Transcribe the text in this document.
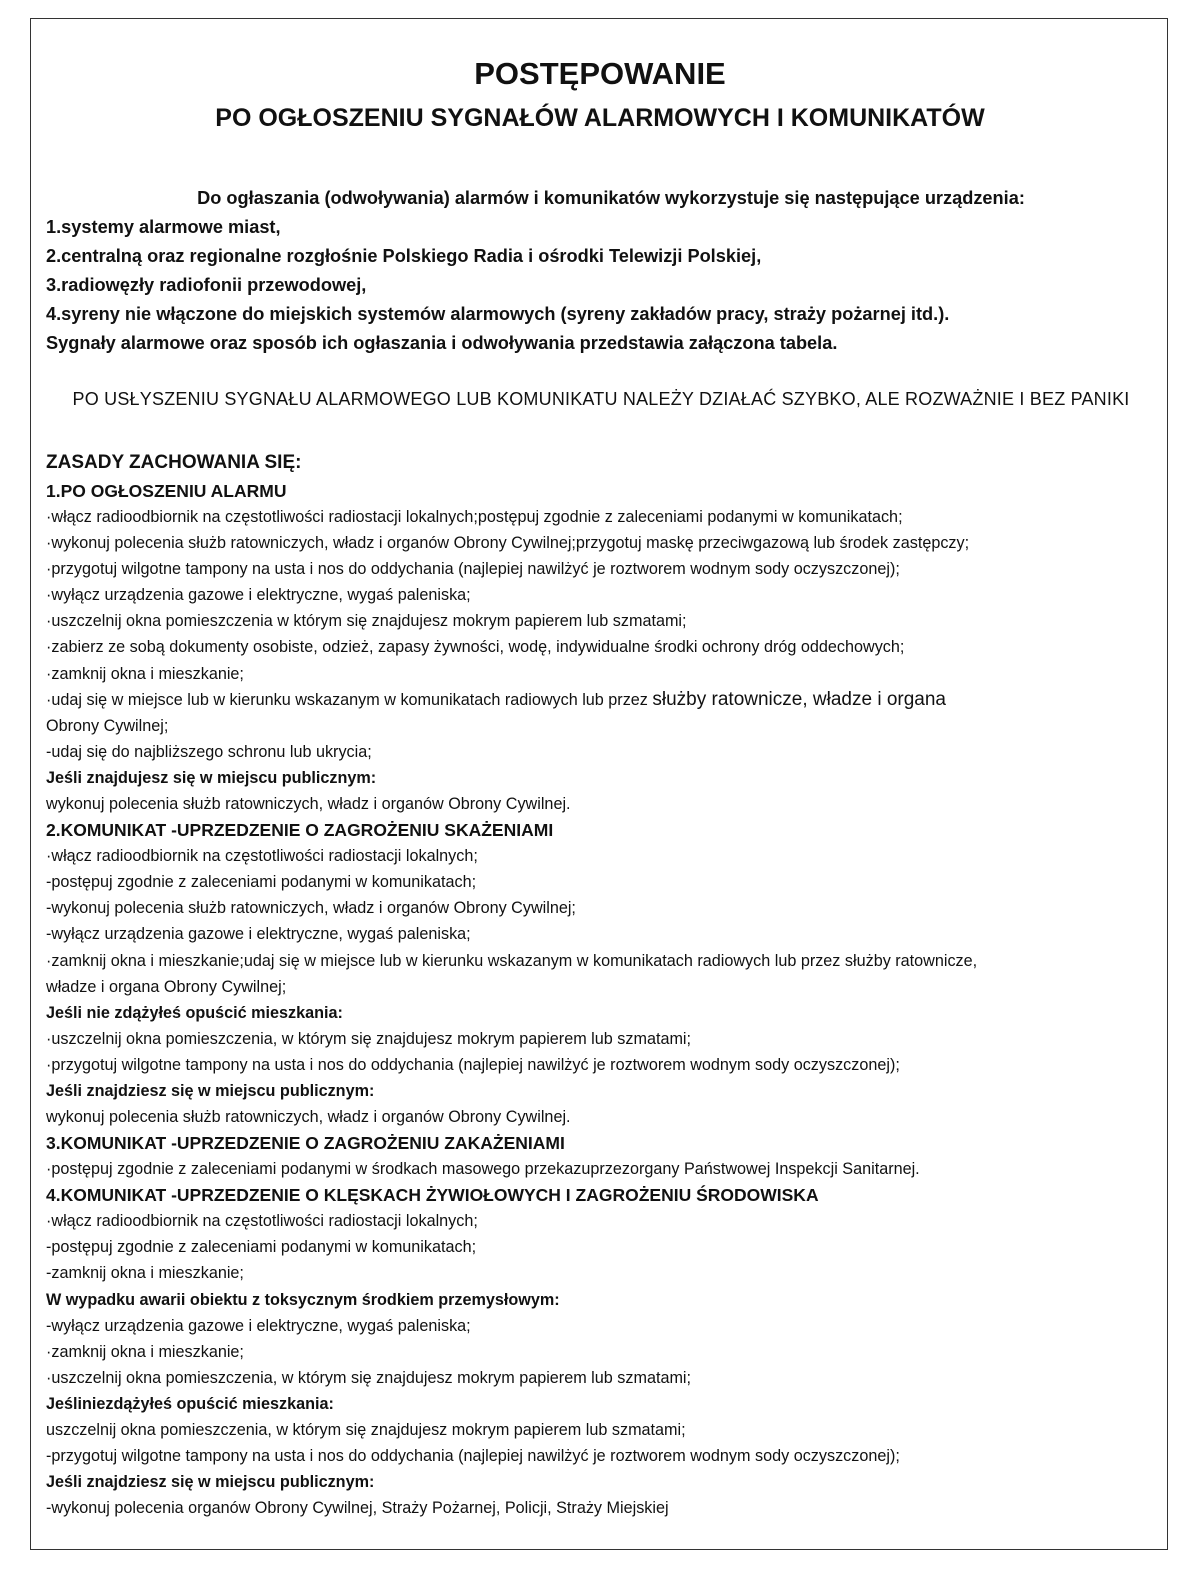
POSTĘPOWANIE
PO OGŁOSZENIU SYGNAŁÓW ALARMOWYCH I KOMUNIKATÓW
Do ogłaszania (odwoływania) alarmów i komunikatów wykorzystuje się następujące urządzenia:
1.systemy alarmowe miast,
2.centralną oraz regionalne rozgłośnie Polskiego Radia i ośrodki Telewizji Polskiej,
3.radiowęzły radiofonii przewodowej,
4.syreny nie włączone do miejskich systemów alarmowych (syreny zakładów pracy, straży pożarnej itd.).
Sygnały alarmowe oraz sposób ich ogłaszania i odwoływania przedstawia załączona tabela.
PO USŁYSZENIU SYGNAŁU ALARMOWEGO LUB KOMUNIKATU NALEŻY DZIAŁAĆ SZYBKO, ALE ROZWAŻNIE I BEZ PANIKI
ZASADY ZACHOWANIA SIĘ:
1.PO OGŁOSZENIU ALARMU
·włącz radioodbiornik na częstotliwości radiostacji lokalnych;postępuj zgodnie z zaleceniami podanymi w komunikatach;
·wykonuj polecenia służb ratowniczych, władz i organów Obrony Cywilnej;przygotuj maskę przeciwgazową lub środek zastępczy;
·przygotuj wilgotne tampony na usta i nos do oddychania (najlepiej nawilżyć je roztworem wodnym sody oczyszczonej);
·wyłącz urządzenia gazowe i elektryczne, wygaś paleniska;
·uszczelnij okna pomieszczenia w którym się znajdujesz mokrym papierem lub szmatami;
·zabierz ze sobą dokumenty osobiste, odzież, zapasy żywności, wodę, indywidualne środki ochrony dróg oddechowych;
·zamknij okna i mieszkanie;
·udaj się w miejsce lub w kierunku wskazanym w komunikatach radiowych lub przez służby ratownicze, władze i organa
Obrony Cywilnej;
-udaj się do najbliższego schronu lub ukrycia;
Jeśli znajdujesz się w miejscu publicznym:
wykonuj polecenia służb ratowniczych, władz i organów Obrony Cywilnej.
2.KOMUNIKAT -UPRZEDZENIE O ZAGROŻENIU SKAŻENIAMI
·włącz radioodbiornik na częstotliwości radiostacji lokalnych;
-postępuj zgodnie z zaleceniami podanymi w komunikatach;
-wykonuj polecenia służb ratowniczych, władz i organów Obrony Cywilnej;
-wyłącz urządzenia gazowe i elektryczne, wygaś paleniska;
·zamknij okna i mieszkanie;udaj się w miejsce lub w kierunku wskazanym w komunikatach radiowych lub przez służby ratownicze,
władze i organa Obrony Cywilnej;
Jeśli nie zdążyłeś opuścić mieszkania:
·uszczelnij okna pomieszczenia, w którym się znajdujesz mokrym papierem lub szmatami;
·przygotuj wilgotne tampony na usta i nos do oddychania (najlepiej nawilżyć je roztworem wodnym sody oczyszczonej);
Jeśli znajdziesz się w miejscu publicznym:
wykonuj polecenia służb ratowniczych, władz i organów Obrony Cywilnej.
3.KOMUNIKAT -UPRZEDZENIE O ZAGROŻENIU ZAKAŻENIAMI
·postępuj zgodnie z zaleceniami podanymi w środkach masowego przekazuprzezorgany Państwowej Inspekcji Sanitarnej.
4.KOMUNIKAT -UPRZEDZENIE O KLĘSKACH ŻYWIOŁOWYCH I ZAGROŻENIU ŚRODOWISKA
·włącz radioodbiornik na częstotliwości radiostacji lokalnych;
-postępuj zgodnie z zaleceniami podanymi w komunikatach;
-zamknij okna i mieszkanie;
W wypadku awarii obiektu z toksycznym środkiem przemysłowym:
-wyłącz urządzenia gazowe i elektryczne, wygaś paleniska;
·zamknij okna i mieszkanie;
·uszczelnij okna pomieszczenia, w którym się znajdujesz mokrym papierem lub szmatami;
Jeśliniezdążyłeś opuścić mieszkania:
uszczelnij okna pomieszczenia, w którym się znajdujesz mokrym papierem lub szmatami;
-przygotuj wilgotne tampony na usta i nos do oddychania (najlepiej nawilżyć je roztworem wodnym sody oczyszczonej);
Jeśli znajdziesz się w miejscu publicznym:
-wykonuj polecenia organów Obrony Cywilnej, Straży Pożarnej, Policji, Straży Miejskiej
